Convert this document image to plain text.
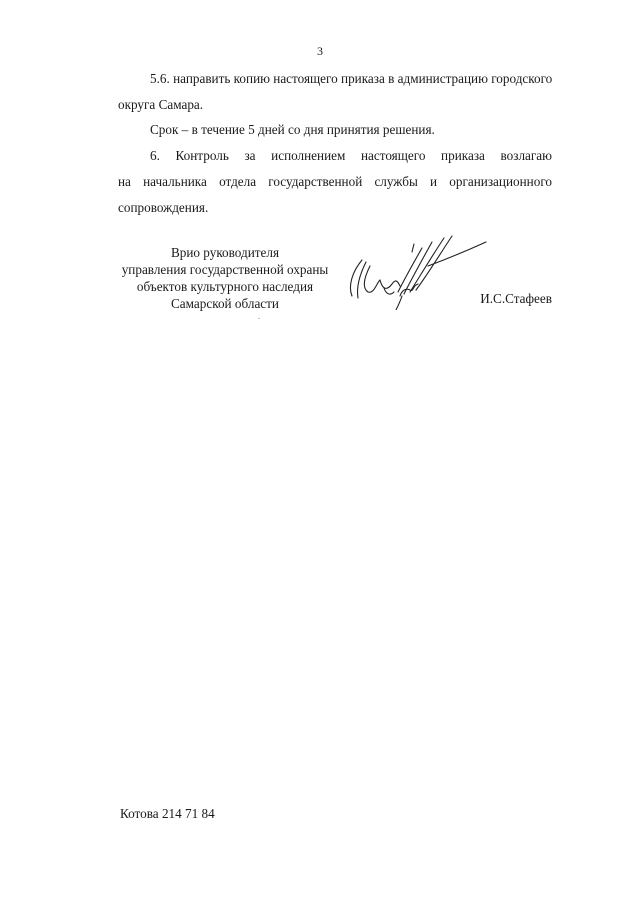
3

5.6. направить копию настоящего приказа в администрацию городского
округа Самара.

Срок – в течение 5 дней со дня принятия решения.

6. Контроль за исполнением настоящего приказа возлагаю
на начальника отдела государственной службы и организационного
сопровождения.

Врио руководителя
управления государственной охраны
объектов культурного наследия
Самарской области	И.С.Стафеев
Котова 214 71 84
